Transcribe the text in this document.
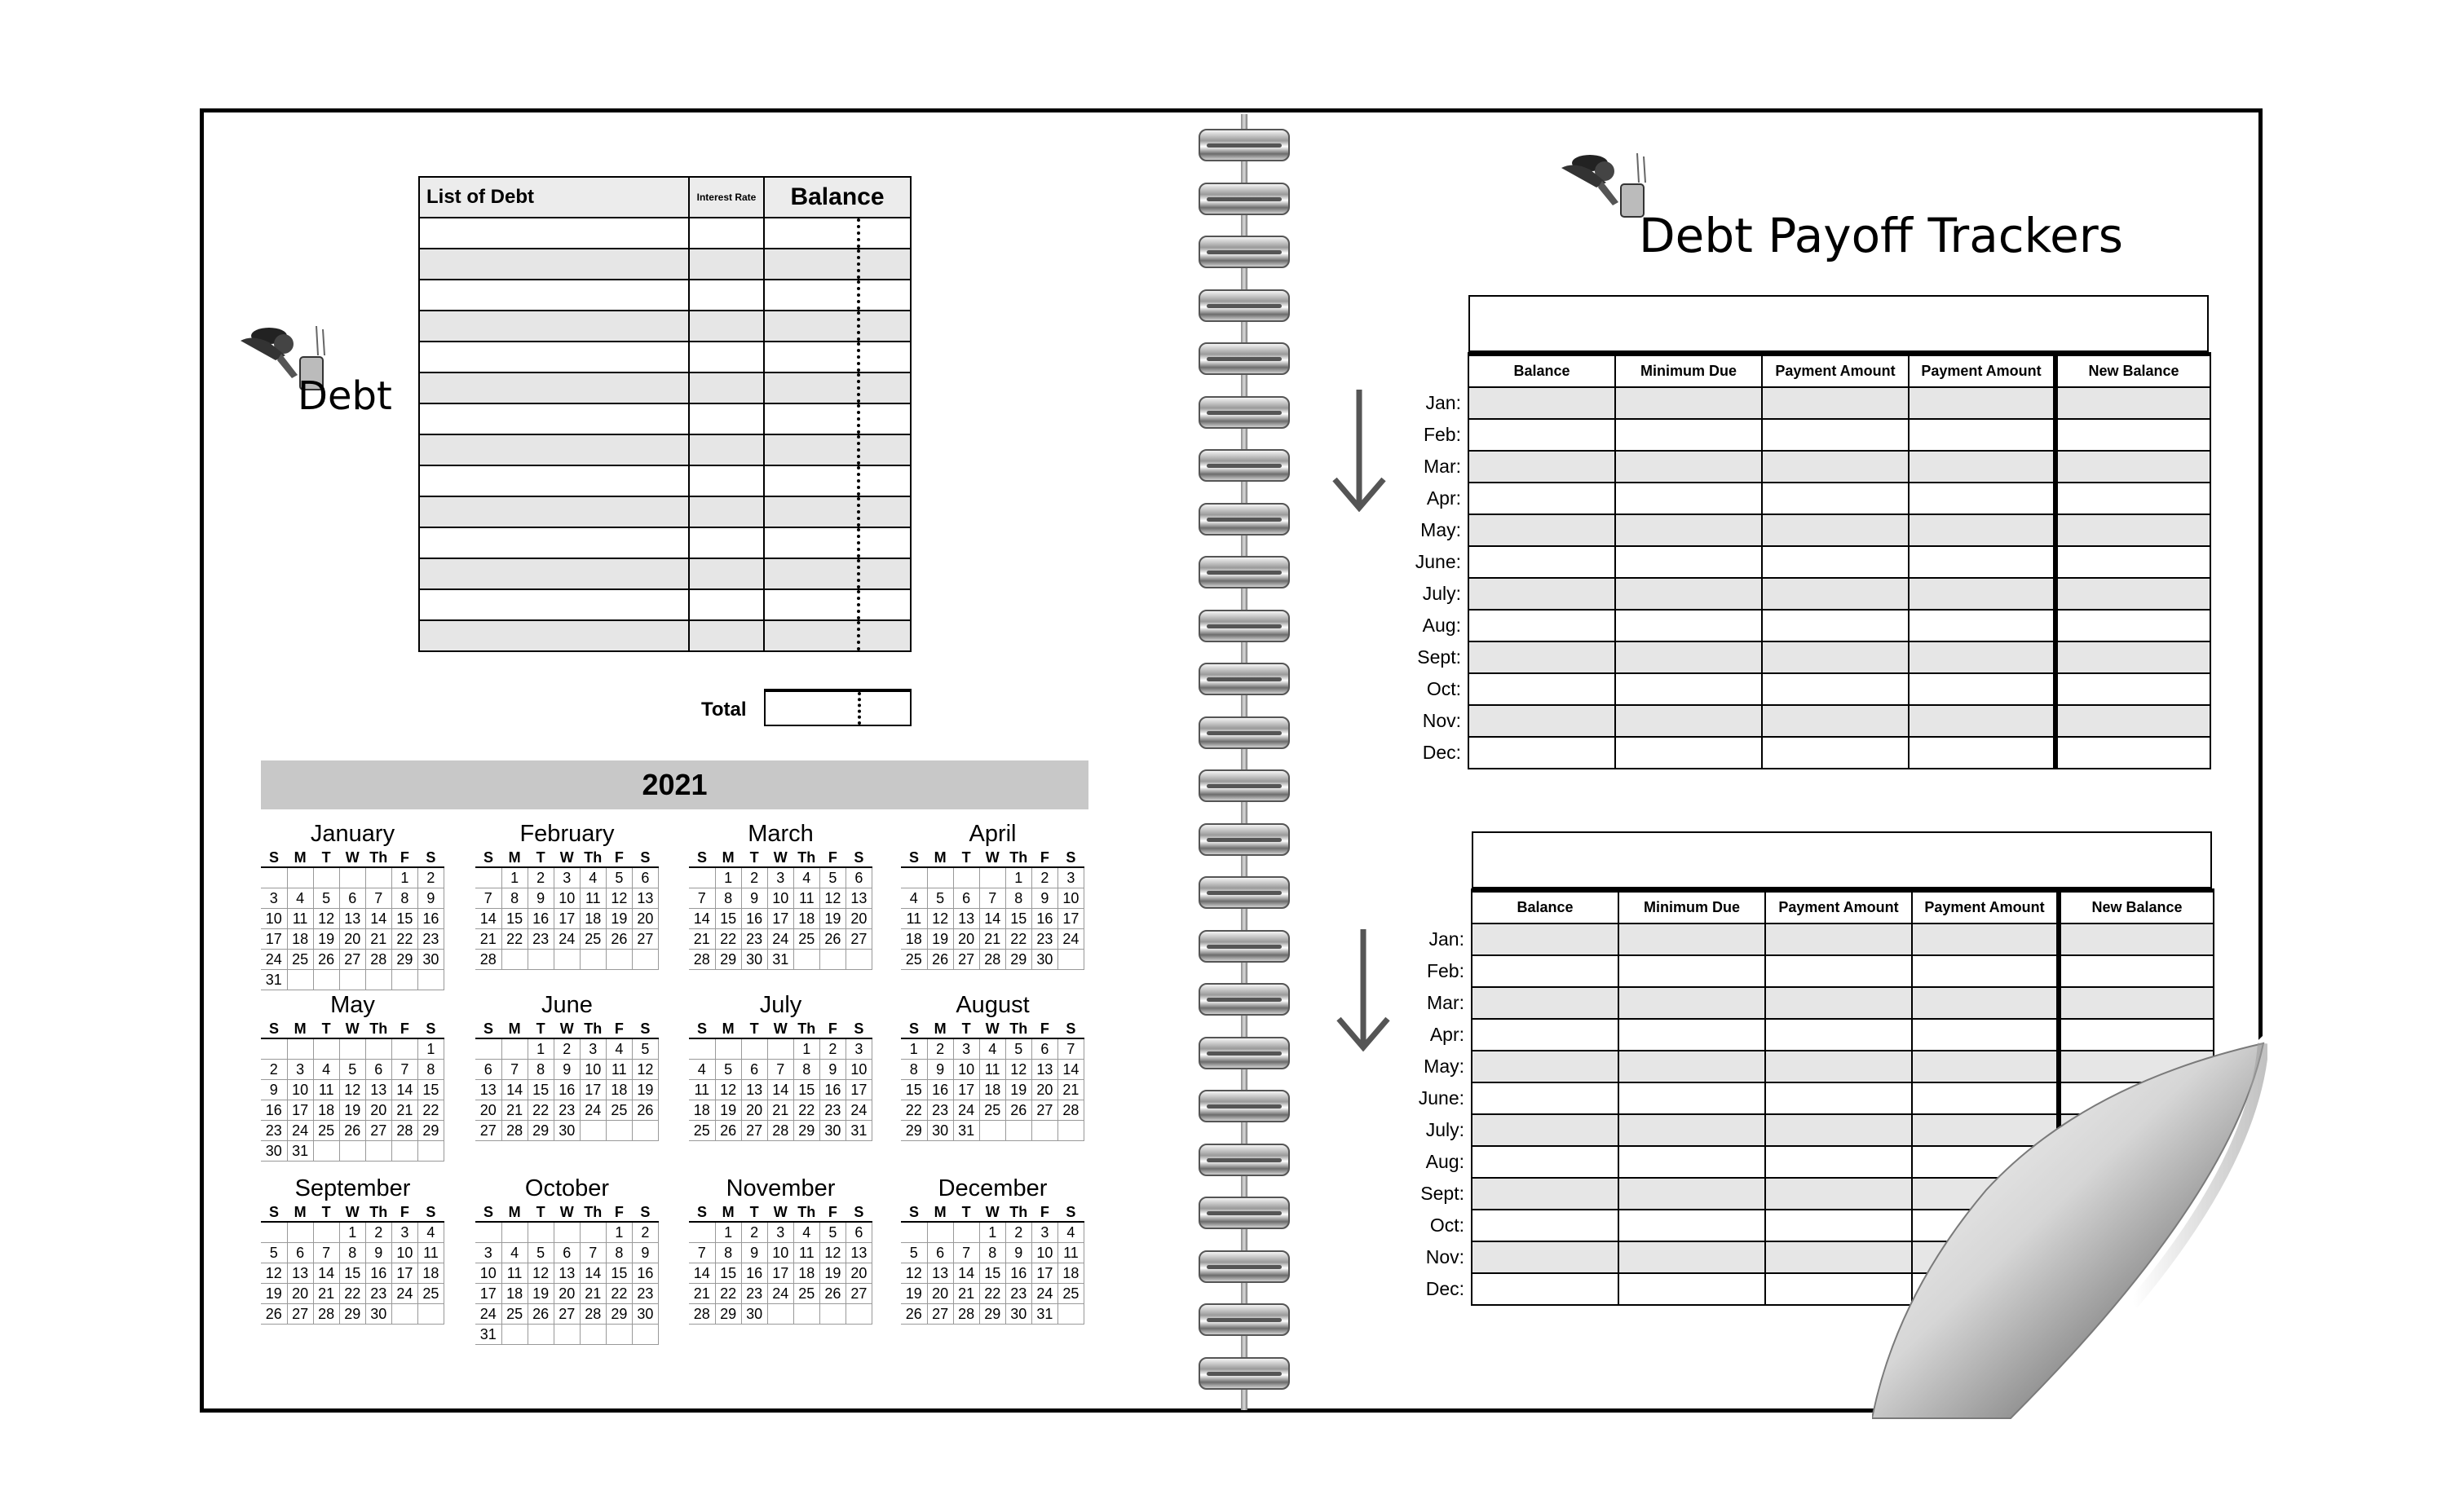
Debt
List of Debt	Interest Rate	Balance

Total
2021
January
S	M	T	W	Th	F	S
					1	2
3	4	5	6	7	8	9
10	11	12	13	14	15	16
17	18	19	20	21	22	23
24	25	26	27	28	29	30
31						
February
S	M	T	W	Th	F	S
	1	2	3	4	5	6
7	8	9	10	11	12	13
14	15	16	17	18	19	20
21	22	23	24	25	26	27
28						
March
S	M	T	W	Th	F	S
	1	2	3	4	5	6
7	8	9	10	11	12	13
14	15	16	17	18	19	20
21	22	23	24	25	26	27
28	29	30	31			
April
S	M	T	W	Th	F	S
				1	2	3
4	5	6	7	8	9	10
11	12	13	14	15	16	17
18	19	20	21	22	23	24
25	26	27	28	29	30	
May
S	M	T	W	Th	F	S
						1
2	3	4	5	6	7	8
9	10	11	12	13	14	15
16	17	18	19	20	21	22
23	24	25	26	27	28	29
30	31					
June
S	M	T	W	Th	F	S
		1	2	3	4	5
6	7	8	9	10	11	12
13	14	15	16	17	18	19
20	21	22	23	24	25	26
27	28	29	30			
July
S	M	T	W	Th	F	S
				1	2	3
4	5	6	7	8	9	10
11	12	13	14	15	16	17
18	19	20	21	22	23	24
25	26	27	28	29	30	31
August
S	M	T	W	Th	F	S
1	2	3	4	5	6	7
8	9	10	11	12	13	14
15	16	17	18	19	20	21
22	23	24	25	26	27	28
29	30	31				
September
S	M	T	W	Th	F	S
			1	2	3	4
5	6	7	8	9	10	11
12	13	14	15	16	17	18
19	20	21	22	23	24	25
26	27	28	29	30		
October
S	M	T	W	Th	F	S
					1	2
3	4	5	6	7	8	9
10	11	12	13	14	15	16
17	18	19	20	21	22	23
24	25	26	27	28	29	30
31						
November
S	M	T	W	Th	F	S
	1	2	3	4	5	6
7	8	9	10	11	12	13
14	15	16	17	18	19	20
21	22	23	24	25	26	27
28	29	30				
December
S	M	T	W	Th	F	S
			1	2	3	4
5	6	7	8	9	10	11
12	13	14	15	16	17	18
19	20	21	22	23	24	25
26	27	28	29	30	31	
Debt Payoff Trackers
	Balance	Minimum Due	Payment Amount	Payment Amount	New Balance
Jan:					
Feb:					
Mar:					
Apr:					
May:					
June:					
July:					
Aug:					
Sept:					
Oct:					
Nov:					
Dec:					
	Balance	Minimum Due	Payment Amount	Payment Amount	New Balance
Jan:					
Feb:					
Mar:					
Apr:					
May:					
June:					
July:					
Aug:					
Sept:					
Oct:					
Nov:					
Dec:					
